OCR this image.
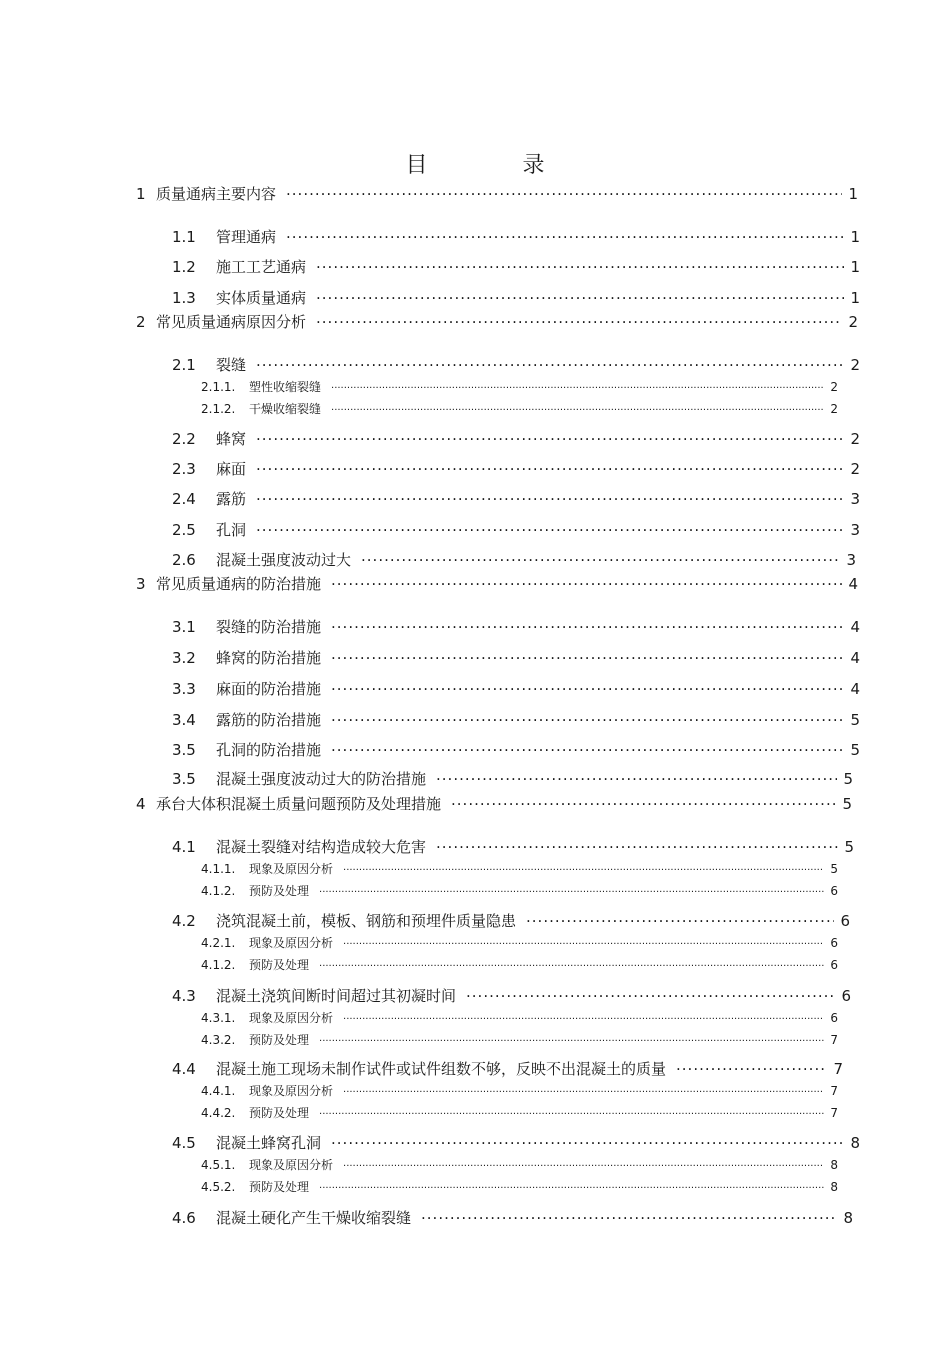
目 录
1 质量通病主要内容 .....	1
1.1	管理通病 .....	1
1.2	施工工艺通病 .....	1
1.3	实体质量通病 .....	1
2 常见质量通病原因分析 .....	2
2.1	裂缝 .....	2
2.1.1.	塑性收缩裂缝 .....	2
2.1.2.	干燥收缩裂缝 .....	2
2.2	蜂窝 .....	2
2.3	麻面 .....	2
2.4	露筋 .....	3
2.5	孔洞 .....	3
2.6	混凝土强度波动过大 .....	3
3 常见质量通病的防治措施 .....	4
3.1	裂缝的防治措施 .....	4
3.2	蜂窝的防治措施 .....	4
3.3	麻面的防治措施 .....	4
3.4	露筋的防治措施 .....	5
3.5	孔洞的防治措施 .....	5
3.5	混凝土强度波动过大的防治措施 .....	5
4 承台大体积混凝土质量问题预防及处理措施 .....	5
4.1	混凝土裂缝对结构造成较大危害 .....	5
4.1.1.	现象及原因分析 .....	5
4.1.2.	预防及处理 .....	6
4.2	浇筑混凝土前，模板、钢筋和预埋件质量隐患 .....	6
4.2.1.	现象及原因分析 .....	6
4.1.2.	预防及处理 .....	6
4.3	混凝土浇筑间断时间超过其初凝时间 .....	6
4.3.1.	现象及原因分析 .....	6
4.3.2.	预防及处理 .....	7
4.4	混凝土施工现场未制作试件或试件组数不够，反映不出混凝土的质量 .....	7
4.4.1.	现象及原因分析 .....	7
4.4.2.	预防及处理 .....	7
4.5	混凝土蜂窝孔洞 .....	8
4.5.1.	现象及原因分析 .....	8
4.5.2.	预防及处理 .....	8
4.6	混凝土硬化产生干燥收缩裂缝 .....	8
